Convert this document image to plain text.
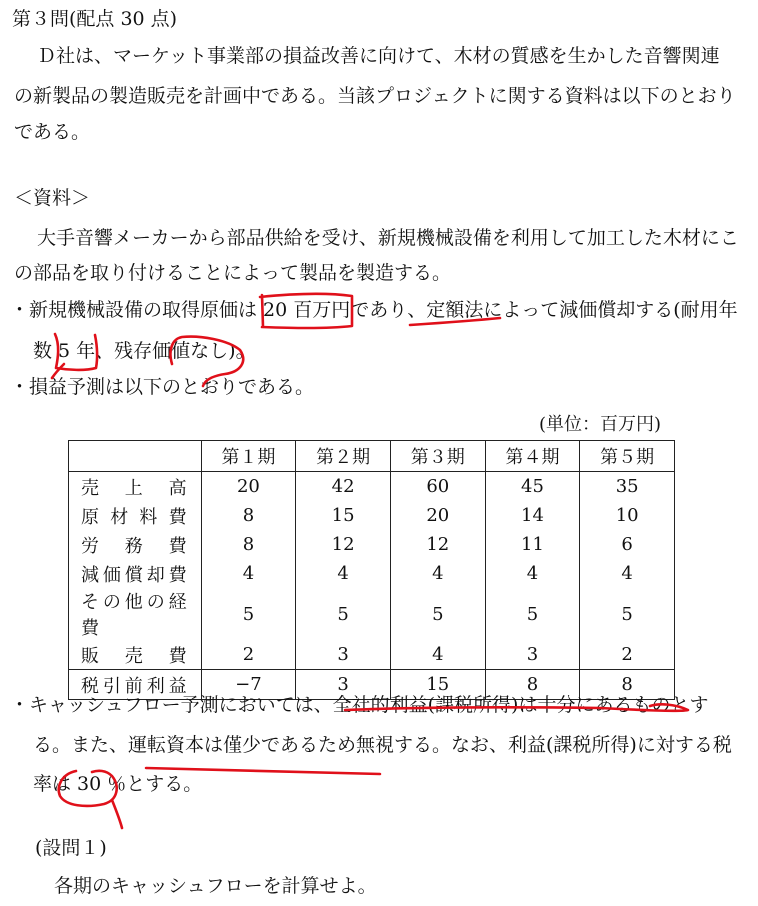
第３問(配点 30 点)
Ｄ社は、マーケット事業部の損益改善に向けて、木材の質感を生かした音響関連
の新製品の製造販売を計画中である。当該プロジェクトに関する資料は以下のとおり
である。
＜資料＞
大手音響メーカーから部品供給を受け、新規機械設備を利用して加工した木材にこ
の部品を取り付けることによって製品を製造する。
・新規機械設備の取得原価は 20 百万円であり、定額法によって減価償却する(耐用年
数 5 年、残存価値なし)。
・損益予測は以下のとおりである。
(単位：百万円)
	第１期	第２期	第３期	第４期	第５期
売上高	20	42	60	45	35
原材料費	8	15	20	14	10
労務費	8	12	12	11	6
減価償却費	4	4	4	4	4
その他の経費	5	5	5	5	5
販売費	2	3	4	3	2
税引前利益	−7	3	15	8	8
・キャッシュフロー予測においては、全社的利益(課税所得)は十分にあるものとす
る。また、運転資本は僅少であるため無視する。なお、利益(課税所得)に対する税
率は 30 ％とする。
(設問１)
各期のキャッシュフローを計算せよ。
